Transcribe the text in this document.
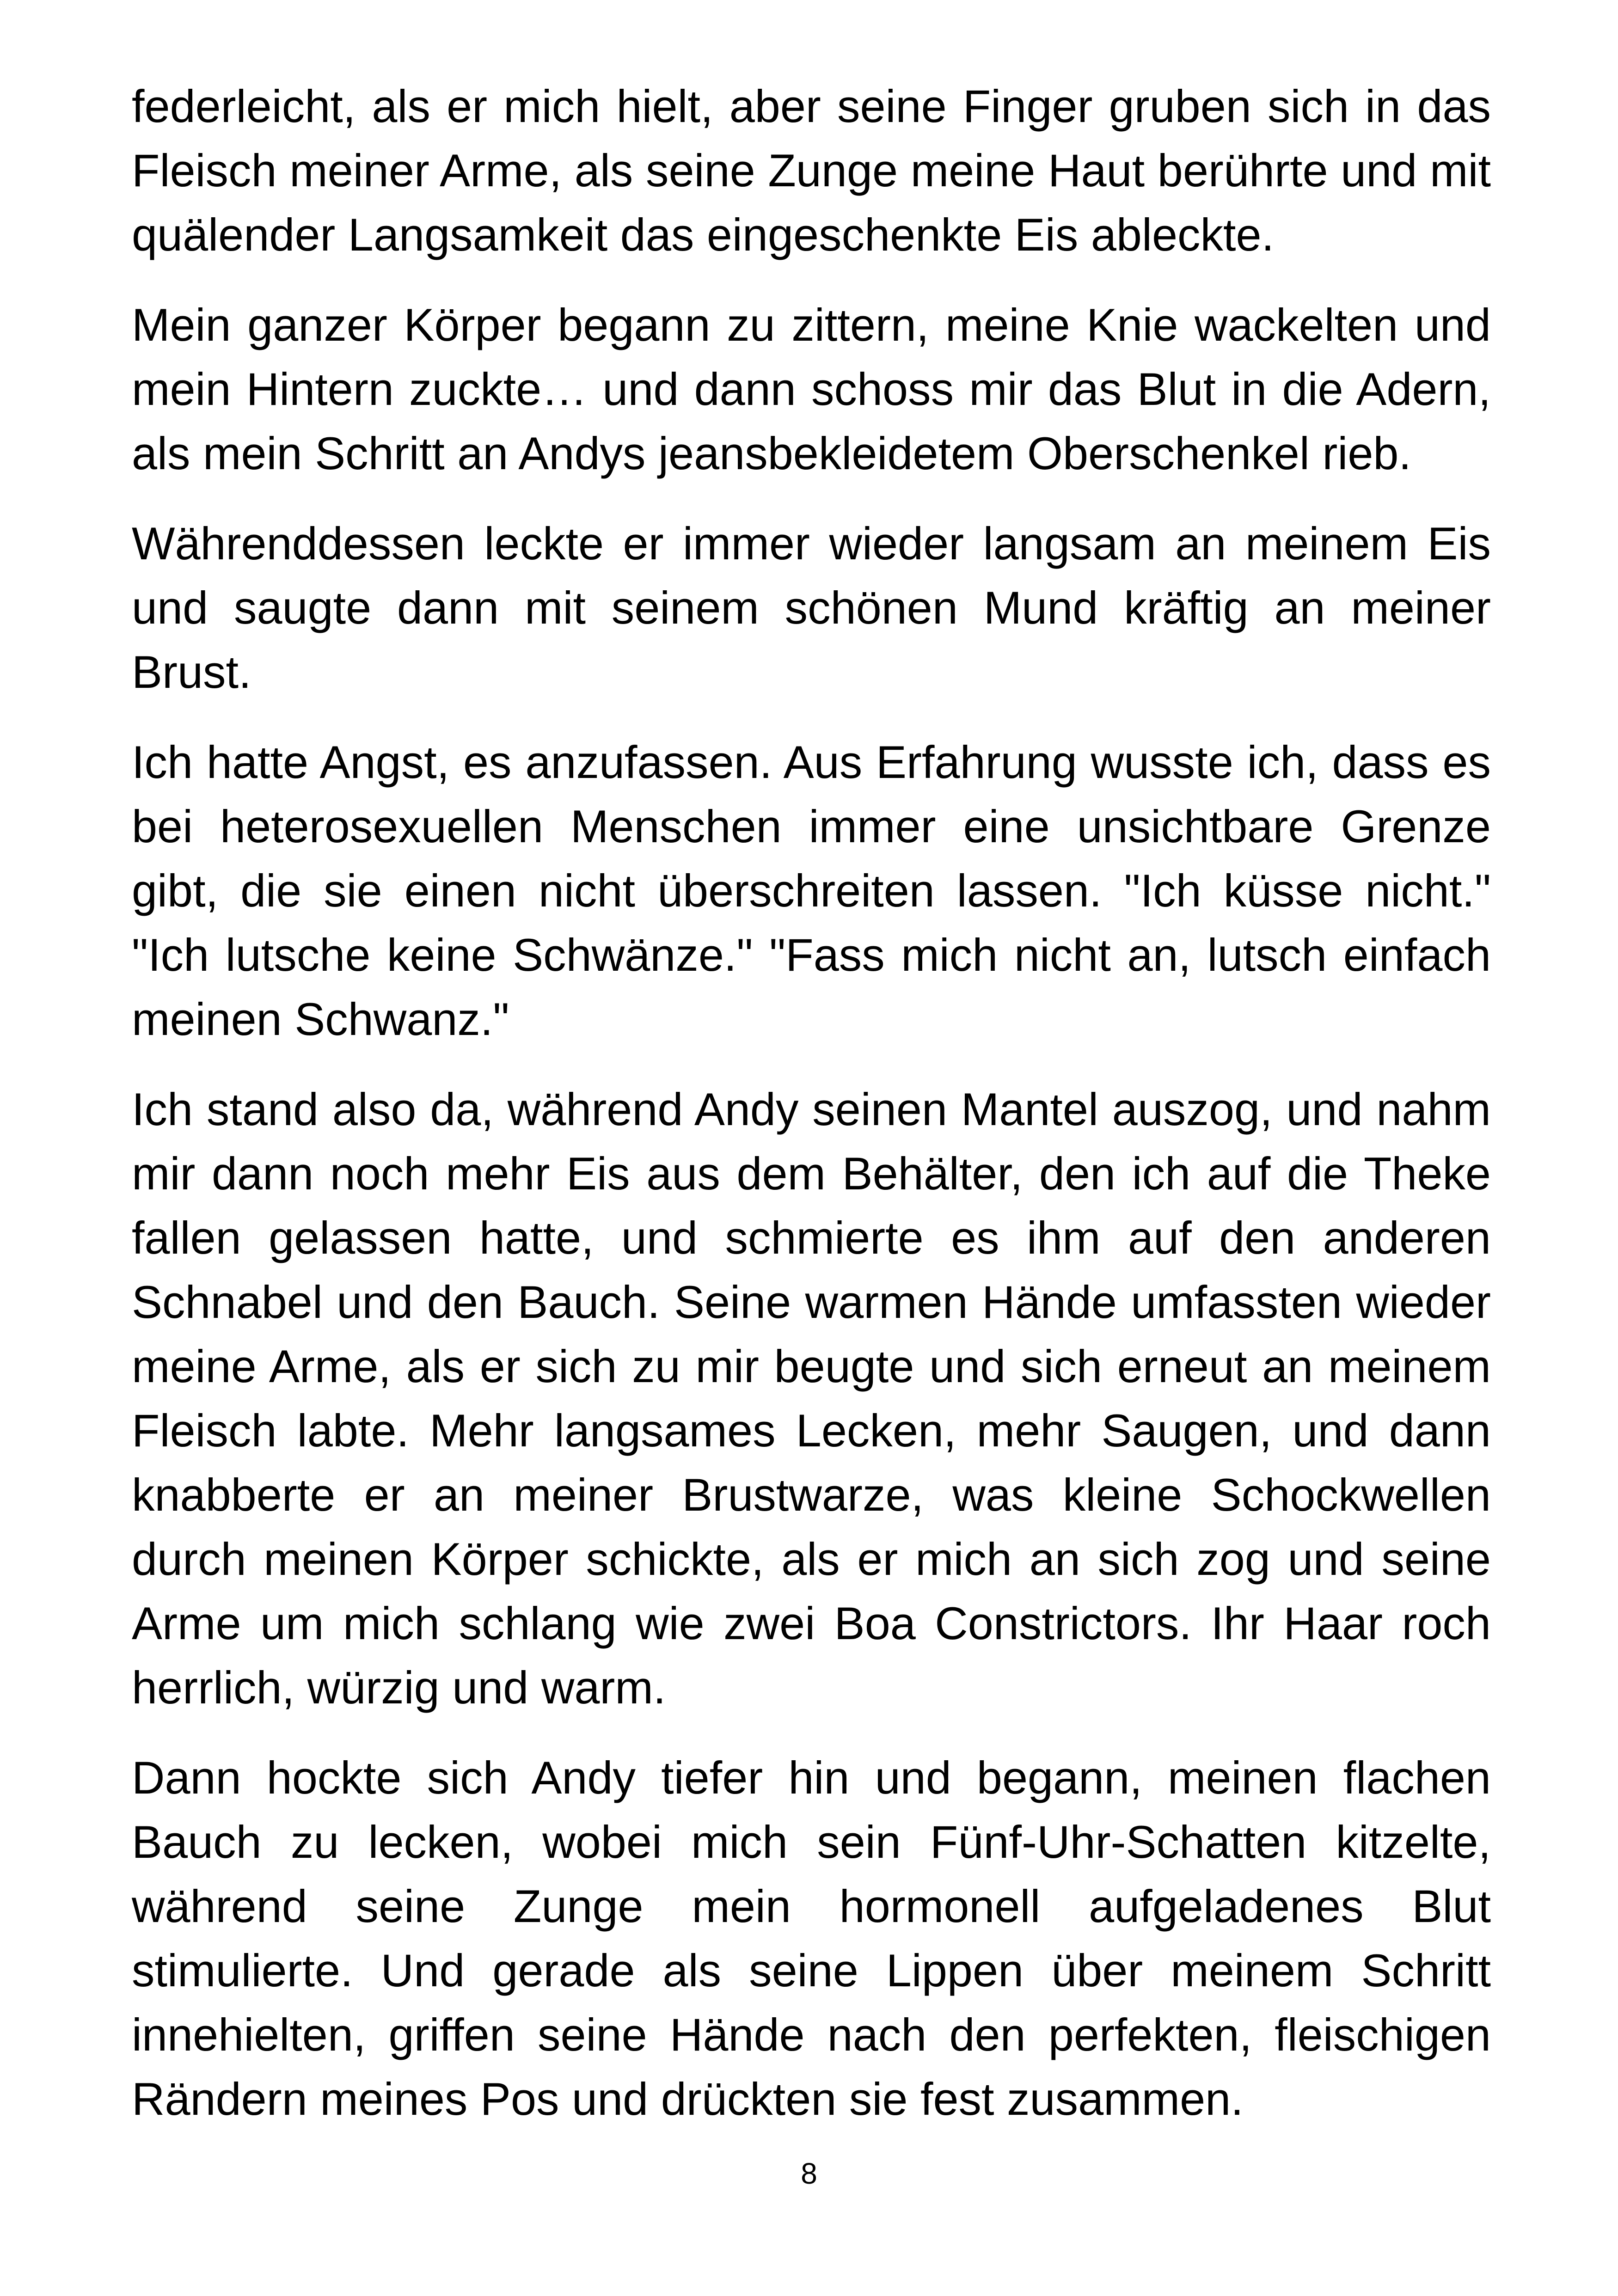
federleicht, als er mich hielt, aber seine Finger gruben sich in das Fleisch meiner Arme, als seine Zunge meine Haut berührte und mit quälender Langsamkeit das eingeschenkte Eis ableckte.

Mein ganzer Körper begann zu zittern, meine Knie wackelten und mein Hintern zuckte… und dann schoss mir das Blut in die Adern, als mein Schritt an Andys jeansbekleidetem Oberschenkel rieb.

Währenddessen leckte er immer wieder langsam an meinem Eis und saugte dann mit seinem schönen Mund kräftig an meiner Brust.

Ich hatte Angst, es anzufassen. Aus Erfahrung wusste ich, dass es bei heterosexuellen Menschen immer eine unsichtbare Grenze gibt, die sie einen nicht überschreiten lassen. "Ich küsse nicht." "Ich lutsche keine Schwänze." "Fass mich nicht an, lutsch einfach meinen Schwanz."

Ich stand also da, während Andy seinen Mantel auszog, und nahm mir dann noch mehr Eis aus dem Behälter, den ich auf die Theke fallen gelassen hatte, und schmierte es ihm auf den anderen Schnabel und den Bauch. Seine warmen Hände umfassten wieder meine Arme, als er sich zu mir beugte und sich erneut an meinem Fleisch labte. Mehr langsames Lecken, mehr Saugen, und dann knabberte er an meiner Brustwarze, was kleine Schockwellen durch meinen Körper schickte, als er mich an sich zog und seine Arme um mich schlang wie zwei Boa Constrictors. Ihr Haar roch herrlich, würzig und warm.

Dann hockte sich Andy tiefer hin und begann, meinen flachen Bauch zu lecken, wobei mich sein Fünf-Uhr-Schatten kitzelte, während seine Zunge mein hormonell aufgeladenes Blut stimulierte. Und gerade als seine Lippen über meinem Schritt innehielten, griffen seine Hände nach den perfekten, fleischigen Rändern meines Pos und drückten sie fest zusammen.

8
